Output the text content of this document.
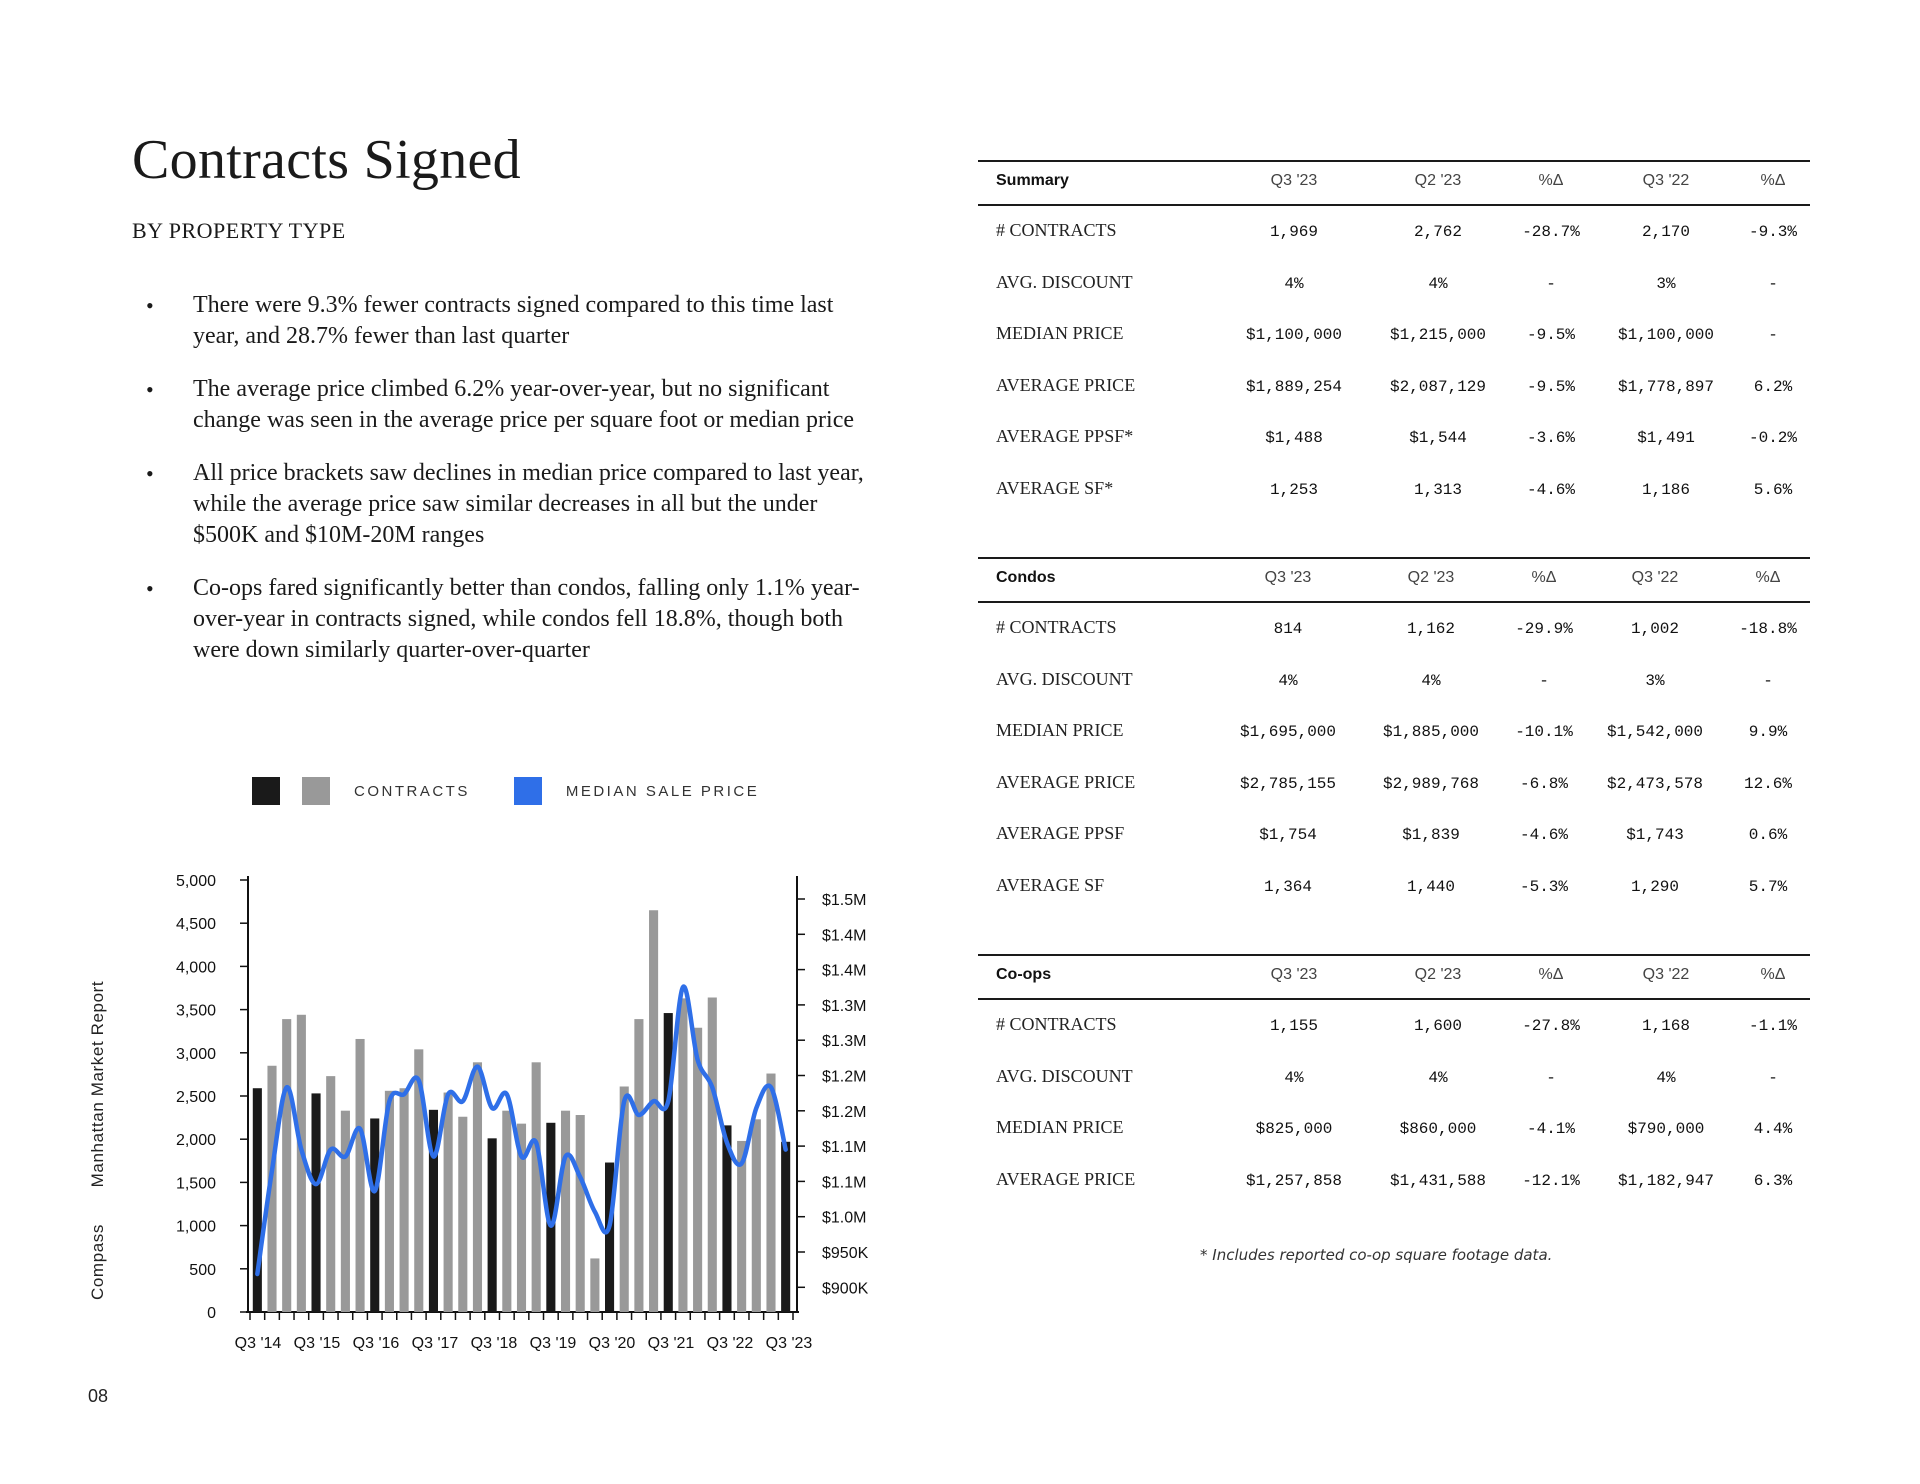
Contracts Signed
BY PROPERTY TYPE
• There were 9.3% fewer contracts signed compared to this time last year, and 28.7% fewer than last quarter
• The average price climbed 6.2% year-over-year, but no significant change was seen in the average price per square foot or median price
• All price brackets saw declines in median price compared to last year, while the average price saw similar decreases in all but the under $500K and $10M-20M ranges
• Co-ops fared significantly better than condos, falling only 1.1% year-over-year in contracts signed, while condos fell 18.8%, though both were down similarly quarter-over-quarter
Compass  Manhattan Market Report
08
CONTRACTS	MEDIAN SALE PRICE
5,000
4,500
4,000
3,500
3,000
2,500
2,000
1,500
1,000
500
0
$1.5M
$1.4M
$1.4M
$1.3M
$1.3M
$1.2M
$1.2M
$1.1M
$1.1M
$1.0M
$950K
$900K
Q3 '14 Q3 '15 Q3 '16 Q3 '17 Q3 '18 Q3 '19 Q3 '20 Q3 '21 Q3 '22 Q3 '23
Summary	Q3 '23	Q2 '23	%Δ	Q3 '22	%Δ
# CONTRACTS	1,969	2,762	-28.7%	2,170	-9.3%
AVG. DISCOUNT	4%	4%	-	3%	-
MEDIAN PRICE	$1,100,000	$1,215,000	-9.5%	$1,100,000	-
AVERAGE PRICE	$1,889,254	$2,087,129	-9.5%	$1,778,897 6.2%
AVERAGE PPSF*	$1,488	$1,544	-3.6%	$1,491	-0.2%
AVERAGE SF*	1,253	1,313	-4.6%	1,186	5.6%
Condos	Q3 '23	Q2 '23	%Δ	Q3 '22	%Δ
# CONTRACTS	814	1,162	-29.9%	1,002	-18.8%
AVG. DISCOUNT	4%	4%	-	3%	-
MEDIAN PRICE	$1,695,000	$1,885,000 -10.1% $1,542,000	9.9%
AVERAGE PRICE	$2,785,155	$2,989,768	-6.8% $2,473,578	12.6%
AVERAGE PPSF	$1,754	$1,839	-4.6%	$1,743	0.6%
AVERAGE SF	1,364	1,440	-5.3%	1,290	5.7%
Co-ops	Q3 '23	Q2 '23	%Δ	Q3 '22	%Δ
# CONTRACTS	1,155	1,600	-27.8%	1,168	-1.1%
AVG. DISCOUNT	4%	4%	-	4%	-
MEDIAN PRICE	$825,000	$860,000	-4.1%	$790,000	4.4%
AVERAGE PRICE	$1,257,858	$1,431,588 -12.1% $1,182,947 6.3%
* Includes reported co-op square footage data.
